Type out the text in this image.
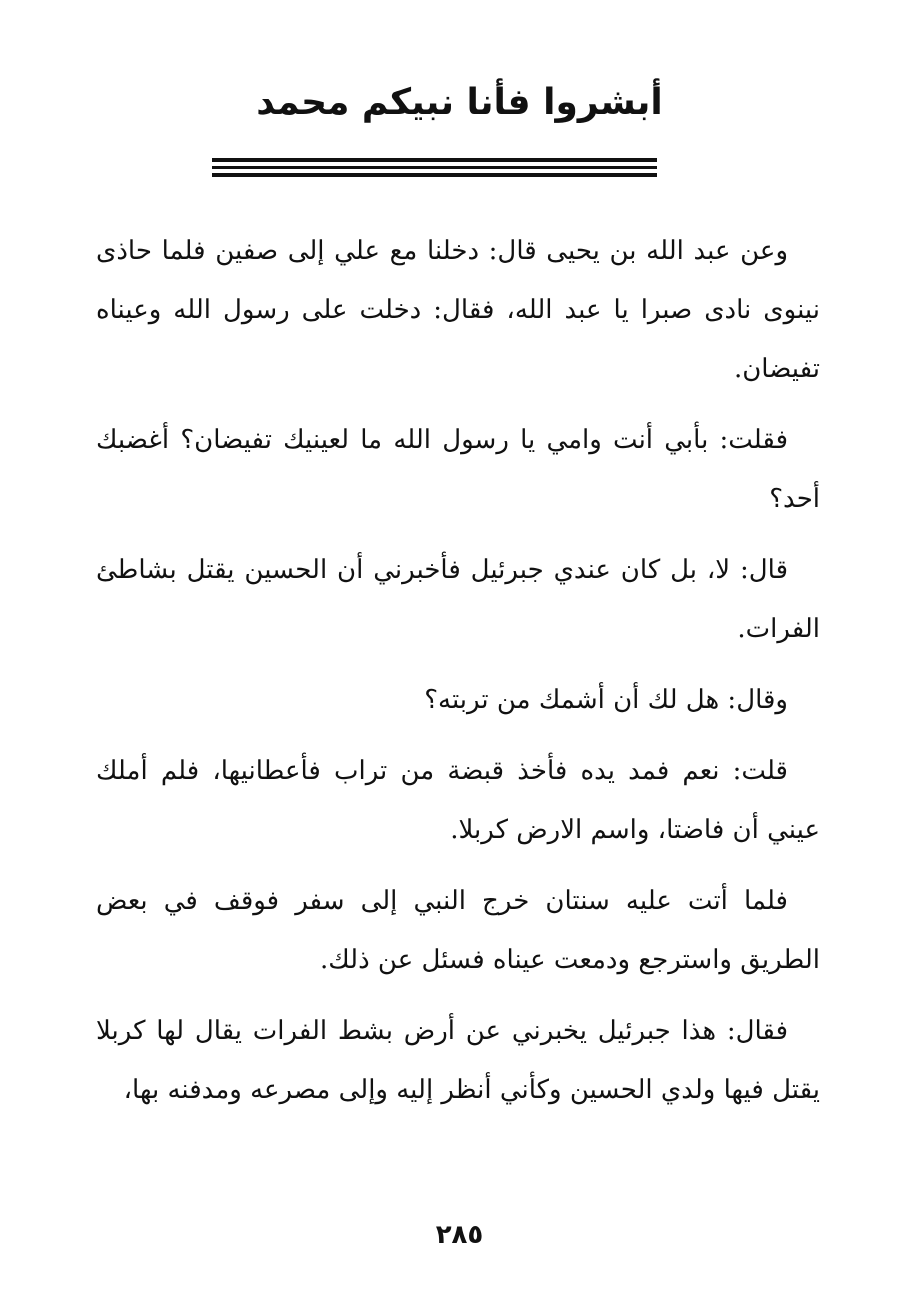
أبشروا فأنا نبيكم محمد

وعن عبد الله بن يحيى قال: دخلنا مع علي إلى صفين فلما حاذى نينوى نادى صبرا يا عبد الله، فقال: دخلت على رسول الله وعيناه تفيضان.

فقلت: بأبي أنت وامي يا رسول الله ما لعينيك تفيضان؟ أغضبك أحد؟

قال: لا، بل كان عندي جبرئيل فأخبرني أن الحسين يقتل بشاطئ الفرات.

وقال: هل لك أن أشمك من تربته؟

قلت: نعم فمد يده فأخذ قبضة من تراب فأعطانيها، فلم أملك عيني أن فاضتا، واسم الارض كربلا.

فلما أتت عليه سنتان خرج النبي إلى سفر فوقف في بعض الطريق واسترجع ودمعت عيناه فسئل عن ذلك.

فقال: هذا جبرئيل يخبرني عن أرض بشط الفرات يقال لها كربلا يقتل فيها ولدي الحسين وكأني أنظر إليه وإلى مصرعه ومدفنه بها،

٢٨٥
